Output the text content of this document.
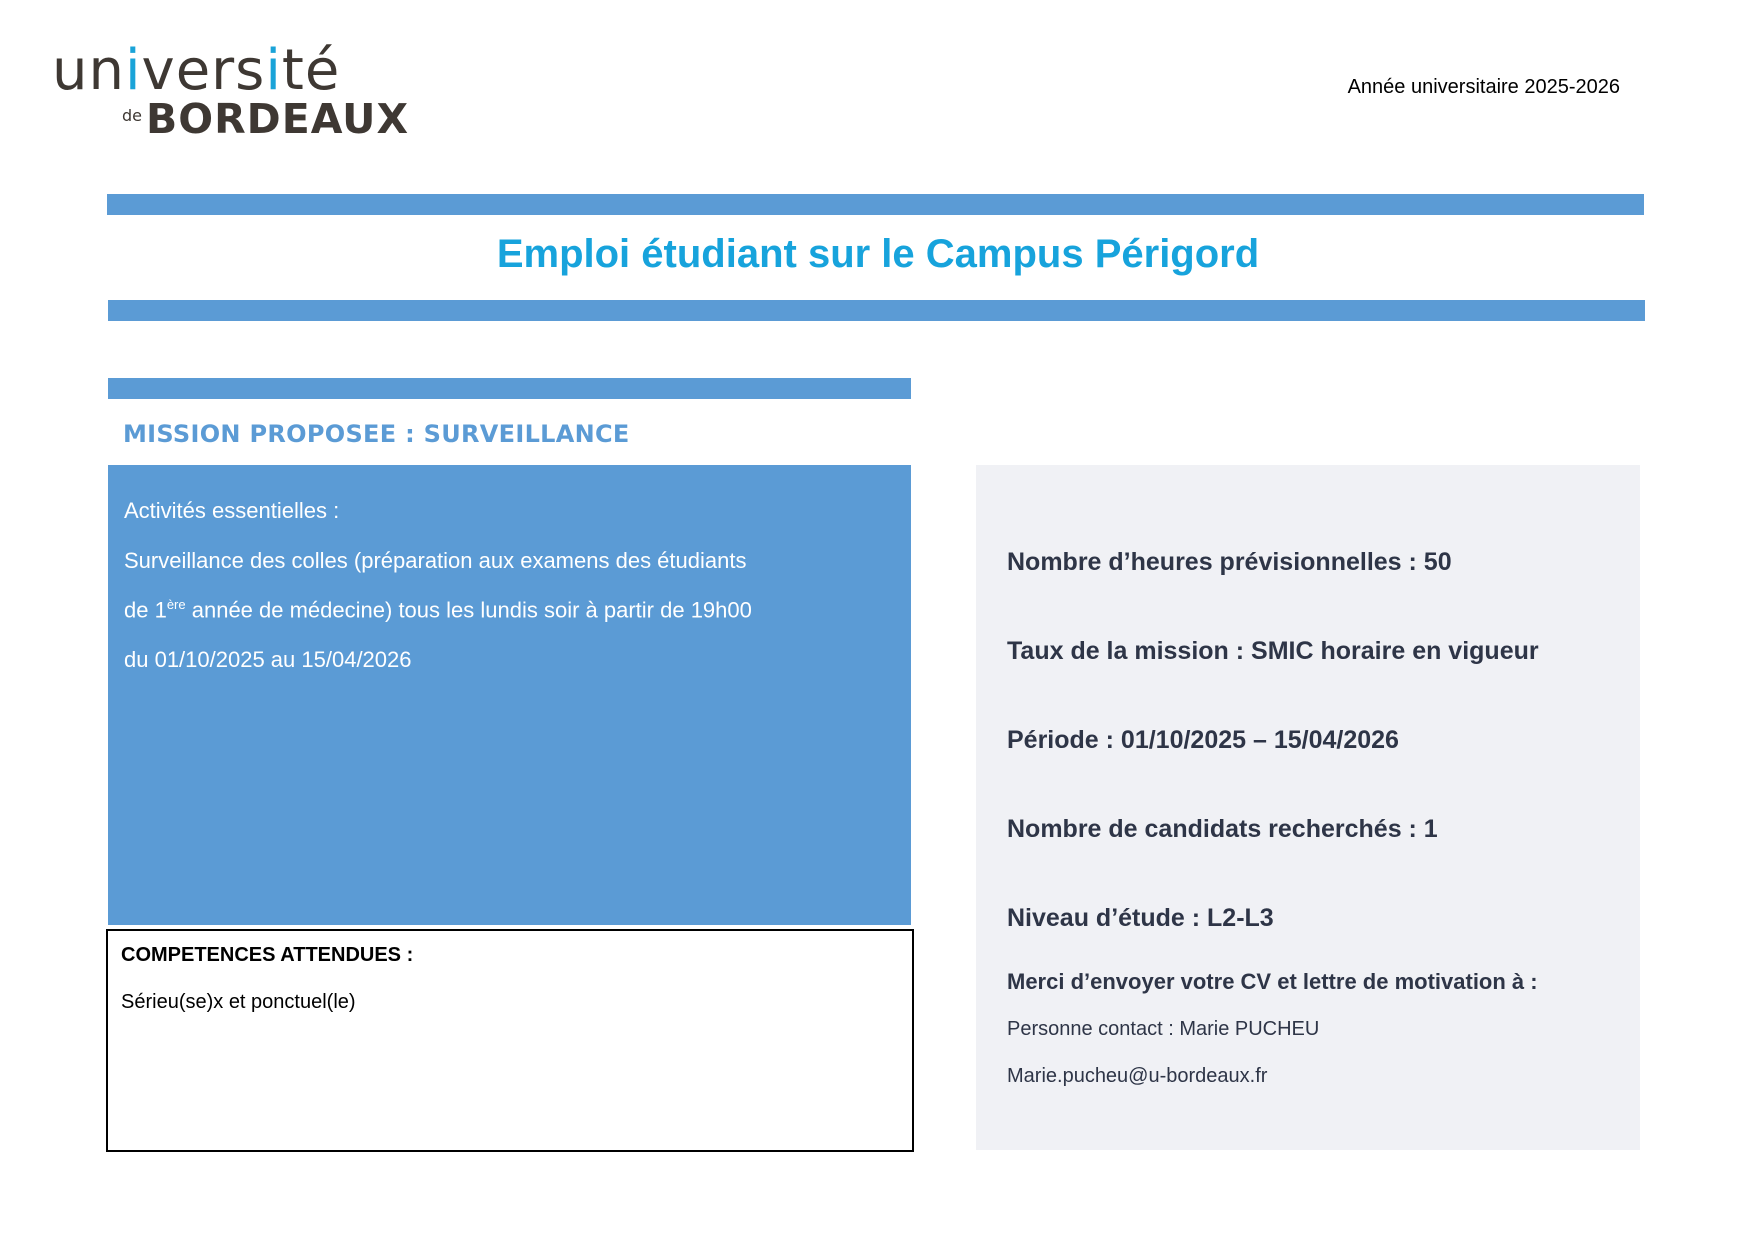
université
de BORDEAUX
Année universitaire 2025-2026
Emploi étudiant sur le Campus Périgord
MISSION PROPOSEE : SURVEILLANCE
Activités essentielles :
Surveillance des colles (préparation aux examens des étudiants
de 1ère année de médecine) tous les lundis soir à partir de 19h00
du 01/10/2025 au 15/04/2026
COMPETENCES ATTENDUES :
Sérieu(se)x et ponctuel(le)
Nombre d’heures prévisionnelles : 50
Taux de la mission : SMIC horaire en vigueur
Période : 01/10/2025 – 15/04/2026
Nombre de candidats recherchés : 1
Niveau d’étude : L2-L3
Merci d’envoyer votre CV et lettre de motivation à :
Personne contact : Marie PUCHEU
Marie.pucheu@u-bordeaux.fr
